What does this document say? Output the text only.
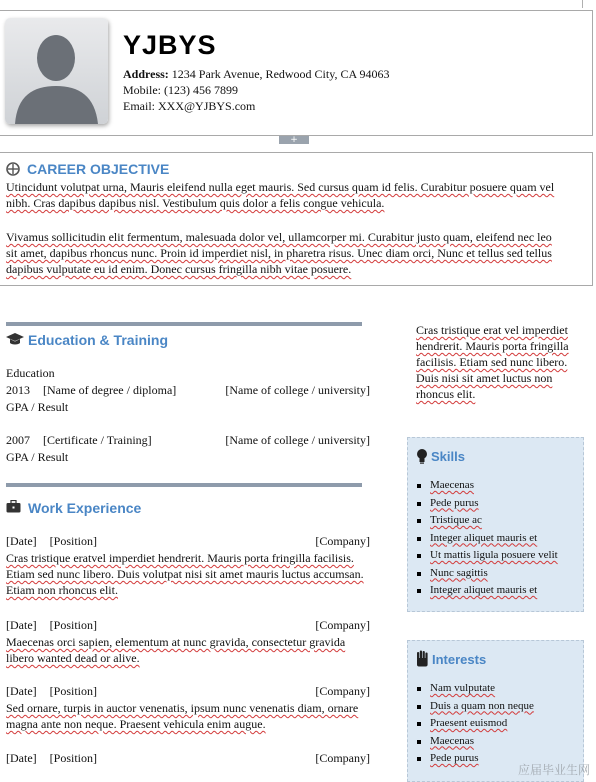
YJBYS
Address: 1234 Park Avenue, Redwood City, CA 94063
Mobile: (123) 456 7899
Email: XXX@YJBYS.com
+
CAREER OBJECTIVE
Utincidunt volutpat urna, Mauris eleifend nulla eget mauris. Sed cursus quam id felis. Curabitur posuere quam vel nibh. Cras dapibus dapibus nisl. Vestibulum quis dolor a felis congue vehicula.
Vivamus sollicitudin elit fermentum, malesuada dolor vel, ullamcorper mi. Curabitur justo quam, eleifend nec leo sit amet, dapibus rhoncus nunc. Proin id imperdiet nisl, in pharetra risus. Unec diam orci, Nunc et tellus sed tellus dapibus vulputate eu id enim. Donec cursus fringilla nibh vitae posuere.
Education & Training
Education
2013 [Name of degree / diploma]	[Name of college / university]
GPA / Result
2007 [Certificate / Training]	[Name of college / university]
GPA / Result
Work Experience
[Date] [Position]	[Company]
Cras tristique eratvel imperdiet hendrerit. Mauris porta fringilla facilisis. Etiam sed nunc libero. Duis volutpat nisi sit amet mauris luctus accumsan. Etiam non rhoncus elit.
[Date] [Position]	[Company]
Maecenas orci sapien, elementum at nunc gravida, consectetur gravida libero wanted dead or alive.
[Date] [Position]	[Company]
Sed ornare, turpis in auctor venenatis, ipsum nunc venenatis diam, ornare magna ante non neque. Praesent vehicula enim augue.
[Date] [Position]	[Company]
Cras tristique erat vel imperdiet hendrerit. Mauris porta fringilla facilisis. Etiam sed nunc libero. Duis nisi sit amet luctus non rhoncus elit.
Skills
Maecenas
Pede purus
Tristique ac
Integer aliquet mauris et
Ut mattis ligula posuere velit
Nunc sagittis
Integer aliquet mauris et
Interests
Nam vulputate
Duis a quam non neque
Praesent euismod
Maecenas
Pede purus
应届毕业生网
